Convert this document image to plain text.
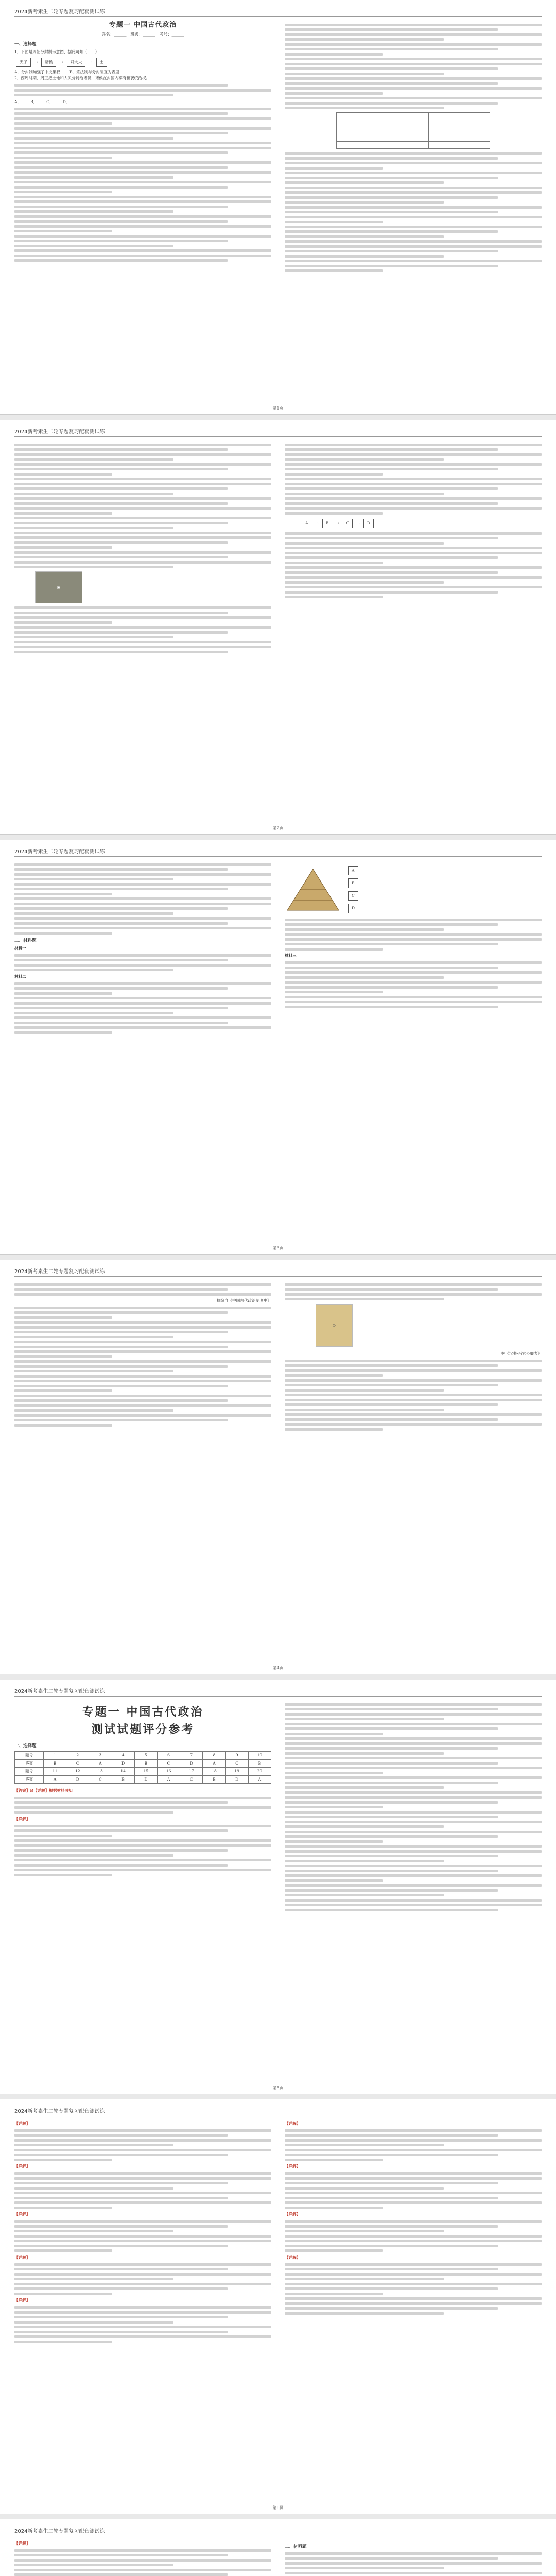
2024新考素生二轮专题复习配套测试练
专题一 中国古代政治
姓名：______　班级：______　考号：______
一、选择题

1．下图是周朝分封制示意图，据此可知（　　）

天子	→	诸侯	→	卿大夫	→	士
A．分封制加强了中央集权 B．宗法制与分封制互为表里

2．西周时期，周王把土地和人民分封给诸侯，诸侯在封国内享有世袭统治权。

A． B． C． D．

第1页
2024新考素生二轮专题复习配套测试练
▣
A	→	B	→	C	→	D
第2页
2024新考素生二轮专题复习配套测试练
二、材料题

材料一

材料二

A
B
C
D

材料三

第3页
2024新考素生二轮专题复习配套测试练

——摘编自《中国古代政治制度史》

☺

——据《汉书·百官公卿表》

第4页
2024新考素生二轮专题复习配套测试练
专题一 中国古代政治
测试试题评分参考
一、选择题
题号	1	2	3	4	5	6	7	8	9	10
答案	B	C	A	D	B	C	D	A	C	B
题号	11	12	13	14	15	16	17	18	19	20
答案	A	D	C	B	D	A	C	B	D	A

【答案】B【详解】根据材料可知

【详解】

第5页
2024新考素生二轮专题复习配套测试练

【详解】

【详解】

【详解】

【详解】

【详解】

【详解】

【详解】

【详解】

【详解】

第6页
2024新考素生二轮专题复习配套测试练

【详解】

二、材料题
